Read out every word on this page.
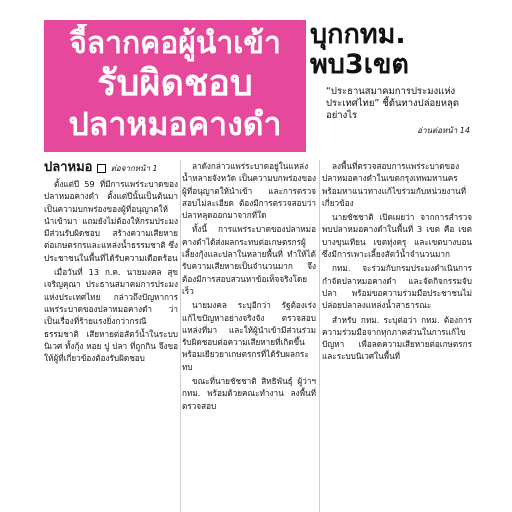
จี้ลากคอผู้นำเข้า
รับผิดชอบ
ปลาหมอคางดำ
บุกกทม.
พบ3เขต
“ประธานสมาคมการประมงแห่งประเทศไทย” ชี้ต้นทางปล่อยหลุดอย่างไร
อ่านต่อหน้า 14

ปลาหมอ ต่อจากหน้า 1

ตั้งแต่ปี 59 ที่มีการแพร่ระบาดของปลาหมอคางดำ ตั้งแต่ปีนั้นเป็นต้นมา เป็นความบกพร่องของผู้ที่อนุญาตให้นำเข้ามา แถมยังไม่ต้องให้กรมประมงมีส่วนรับผิดชอบ สร้างความเสียหายต่อเกษตรกรและแหล่งน้ำธรรมชาติ ซึ่งประชาชนในพื้นที่ได้รับความเดือดร้อน

เมื่อวันที่ 13 ก.ค. นายมงคล สุขเจริญคุณา ประธานสมาคมการประมงแห่งประเทศไทย กล่าวถึงปัญหาการแพร่ระบาดของปลาหมอคางดำ ว่า เป็นเรื่องที่ร้ายแรงยิ่งกว่ากรณีธรรมชาติ เสียหายต่อสัตว์น้ำในระบบนิเวศ ทั้งกุ้ง หอย ปู ปลา ที่ถูกกิน จึงขอให้ผู้ที่เกี่ยวข้องต้องรับผิดชอบ

ลาดังกล่าวแพร่ระบาดอยู่ในแหล่งน้ำหลายจังหวัด เป็นความบกพร่องของผู้ที่อนุญาตให้นำเข้า และการตรวจสอบไม่ละเอียด ต้องมีการตรวจสอบว่าปลาหลุดออกมาจากที่ใด

ทั้งนี้ การแพร่ระบาดของปลาหมอคางดำได้ส่งผลกระทบต่อเกษตรกรผู้เลี้ยงกุ้งและปลาในหลายพื้นที่ ทำให้ได้รับความเสียหายเป็นจำนวนมาก จึงต้องมีการสอบสวนหาข้อเท็จจริงโดยเร็ว

นายมงคล ระบุอีกว่า รัฐต้องเร่งแก้ไขปัญหาอย่างจริงจัง ตรวจสอบแหล่งที่มา และให้ผู้นำเข้ามีส่วนร่วมรับผิดชอบต่อความเสียหายที่เกิดขึ้น พร้อมเยียวยาเกษตรกรที่ได้รับผลกระทบ

ขณะที่นายชัชชาติ สิทธิพันธุ์ ผู้ว่าฯ กทม. พร้อมด้วยคณะทำงาน ลงพื้นที่ตรวจสอบ

ลงพื้นที่ตรวจสอบการแพร่ระบาดของปลาหมอคางดำในเขตกรุงเทพมหานคร พร้อมหาแนวทางแก้ไขร่วมกับหน่วยงานที่เกี่ยวข้อง

นายชัชชาติ เปิดเผยว่า จากการสำรวจพบปลาหมอคางดำในพื้นที่ 3 เขต คือ เขตบางขุนเทียน เขตทุ่งครุ และเขตบางบอน ซึ่งมีการเพาะเลี้ยงสัตว์น้ำจำนวนมาก

กทม. จะร่วมกับกรมประมงดำเนินการกำจัดปลาหมอคางดำ และจัดกิจกรรมจับปลา พร้อมขอความร่วมมือประชาชนไม่ปล่อยปลาลงแหล่งน้ำสาธารณะ

สำหรับ กทม. ระบุต่อว่า กทม. ต้องการความร่วมมือจากทุกภาคส่วนในการแก้ไขปัญหา เพื่อลดความเสียหายต่อเกษตรกรและระบบนิเวศในพื้นที่
